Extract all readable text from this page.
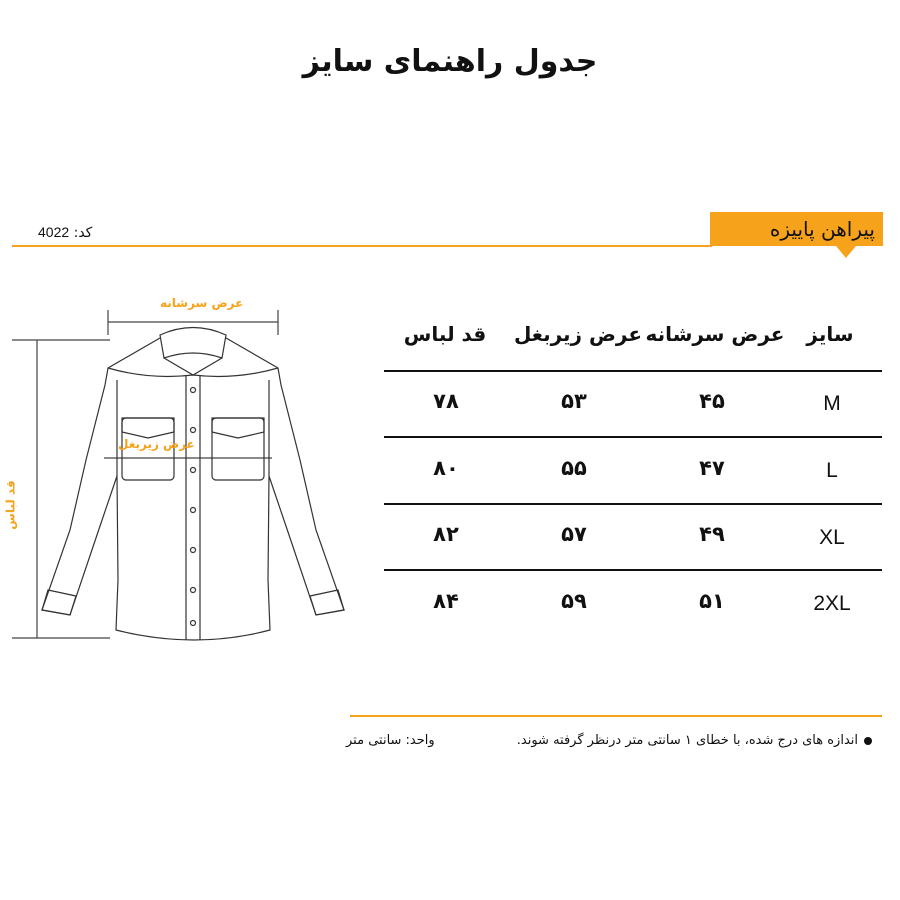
جدول راهنمای سایز
کد: 4022	پیراهن پاییزه
عرض سرشانه
عرض زیربغل
قد لباس
سایز
عرض سرشانه
عرض زیربغل
قد لباس
M
۴۵
۵۳
۷۸
L
۴۷
۵۵
۸۰
XL
۴۹
۵۷
۸۲
2XL
۵۱
۵۹
۸۴
اندازه های درج شده، با خطای ۱ سانتی متر درنظر گرفته شوند.
واحد: سانتی متر
